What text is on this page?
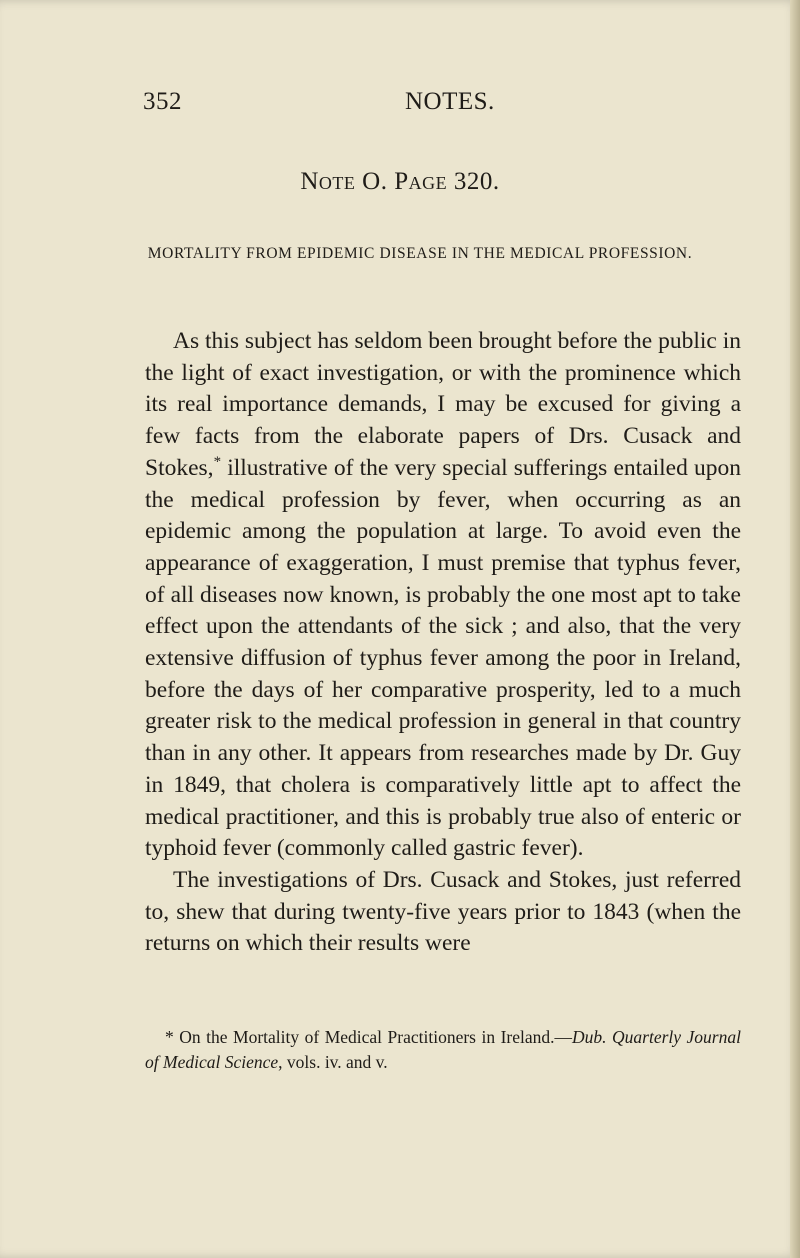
352	NOTES.
Note O. Page 320.
MORTALITY FROM EPIDEMIC DISEASE IN THE MEDICAL PROFESSION.

As this subject has seldom been brought before the public in the light of exact investigation, or with the prominence which its real importance demands, I may be excused for giving a few facts from the elaborate papers of Drs. Cusack and Stokes,* illustrative of the very special sufferings entailed upon the medical profession by fever, when occurring as an epidemic among the population at large. To avoid even the appearance of exaggeration, I must premise that typhus fever, of all diseases now known, is probably the one most apt to take effect upon the attendants of the sick ; and also, that the very extensive diffusion of typhus fever among the poor in Ireland, before the days of her comparative prosperity, led to a much greater risk to the medical profession in general in that country than in any other. It appears from researches made by Dr. Guy in 1849, that cholera is comparatively little apt to affect the medical practitioner, and this is probably true also of enteric or typhoid fever (commonly called gastric fever).

The investigations of Drs. Cusack and Stokes, just referred to, shew that during twenty-five years prior to 1843 (when the returns on which their results were

* On the Mortality of Medical Practitioners in Ireland.—Dub. Quarterly Journal of Medical Science, vols. iv. and v.
